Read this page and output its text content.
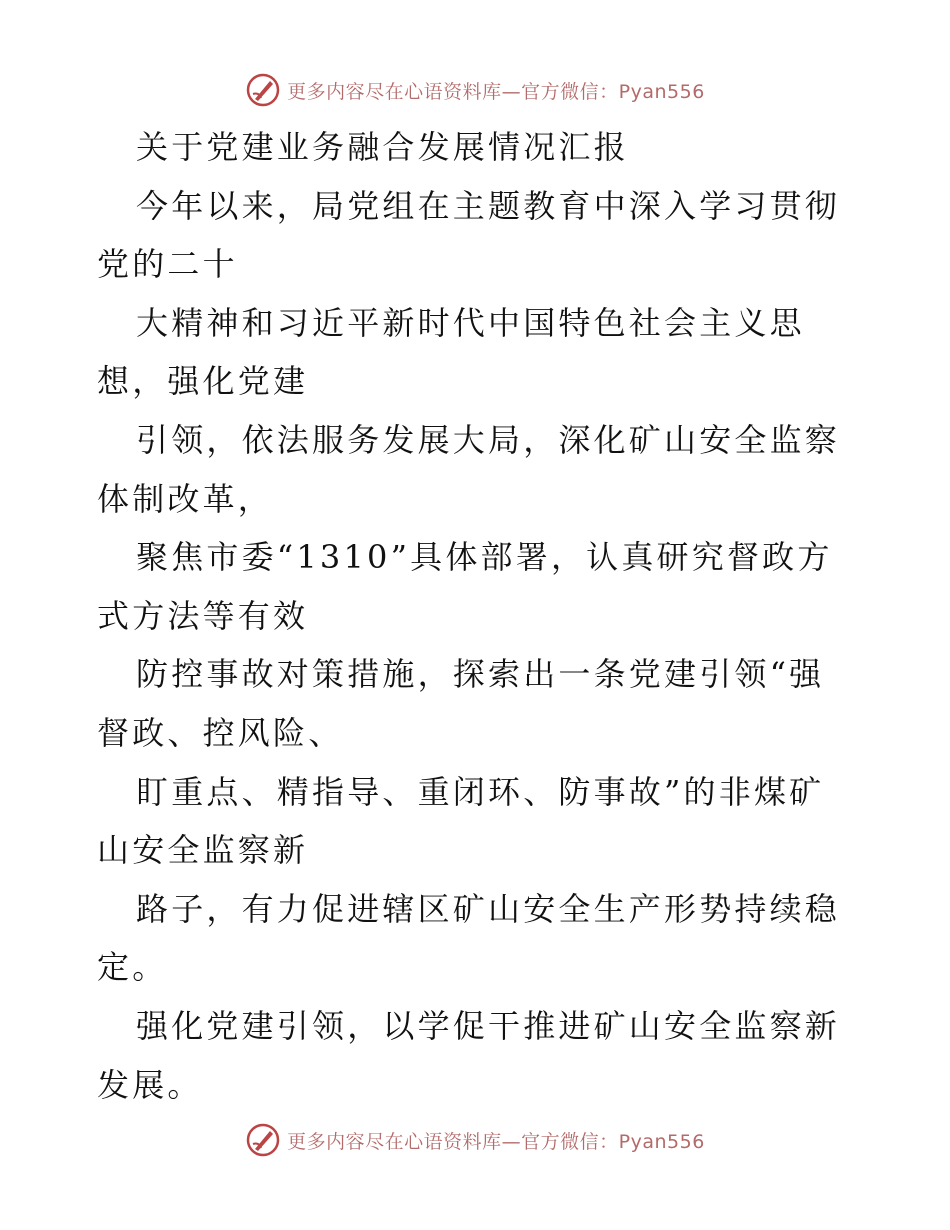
更多内容尽在心语资料库—官方微信：Pyan556

关于党建业务融合发展情况汇报

今年以来，局党组在主题教育中深入学习贯彻党的二十

大精神和习近平新时代中国特色社会主义思想，强化党建

引领，依法服务发展大局，深化矿山安全监察体制改革，

聚焦市委“1310”具体部署，认真研究督政方式方法等有效

防控事故对策措施，探索出一条党建引领“强督政、控风险、

盯重点、精指导、重闭环、防事故”的非煤矿山安全监察新

路子，有力促进辖区矿山安全生产形势持续稳定。

强化党建引领，以学促干推进矿山安全监察新发展。

更多内容尽在心语资料库—官方微信：Pyan556
